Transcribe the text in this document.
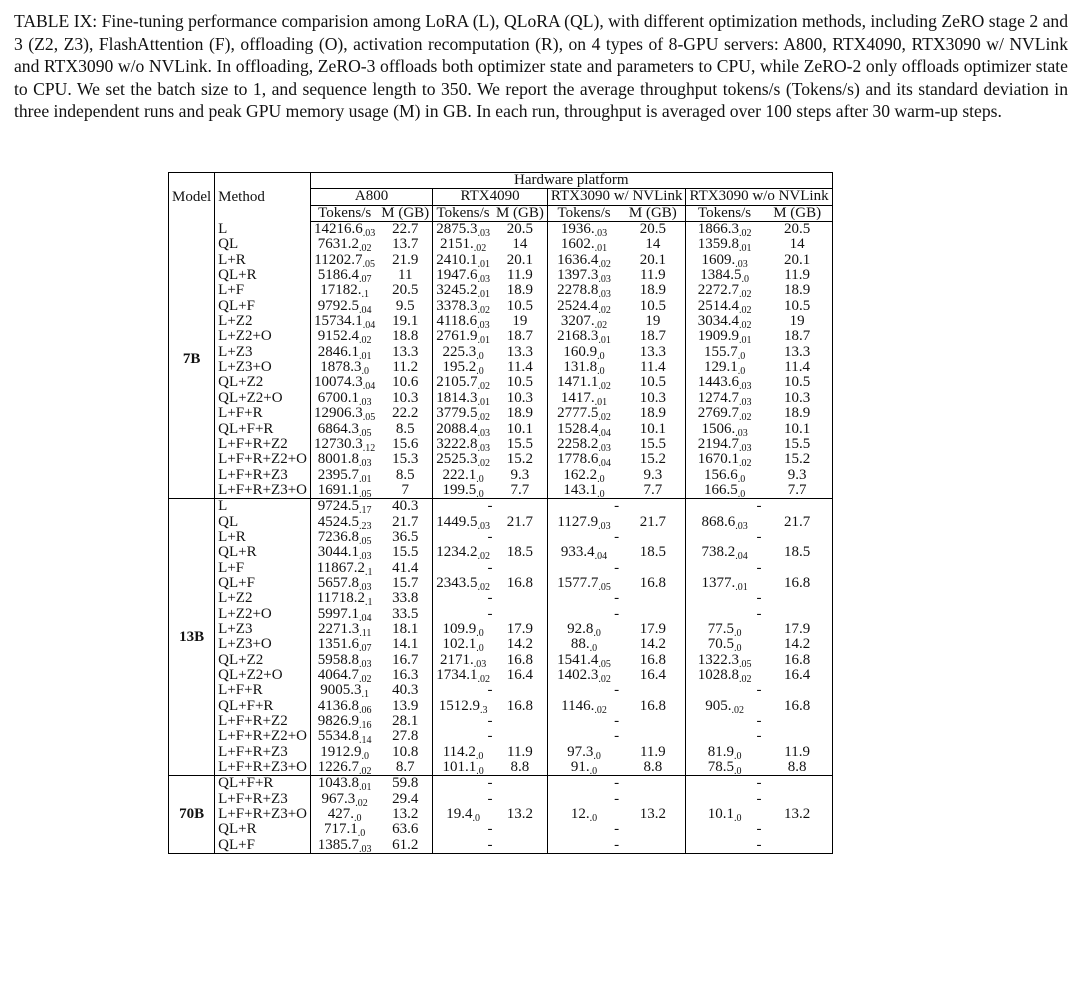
TABLE IX: Fine-tuning performance comparision among LoRA (L), QLoRA (QL), with different optimization methods, including ZeRO stage 2 and 3 (Z2, Z3), FlashAttention (F), offloading (O), activation recomputation (R), on 4 types of 8-GPU servers: A800, RTX4090, RTX3090 w/ NVLink and RTX3090 w/o NVLink. In offloading, ZeRO-3 offloads both optimizer state and parameters to CPU, while ZeRO-2 only offloads optimizer state to CPU. We set the batch size to 1, and sequence length to 350. We report the average throughput tokens/s (Tokens/s) and its standard deviation in three independent runs and peak GPU memory usage (M) in GB. In each run, throughput is averaged over 100 steps after 30 warm-up steps.
Model	Method	Hardware platform							
		A800		RTX4090		RTX3090 w/ NVLink		RTX3090 w/o NVLink	
		Tokens/s	M (GB)	Tokens/s	M (GB)	Tokens/s	M (GB)	Tokens/s	M (GB)
7B	L	$14216.6_{.03}$	22.7	$2875.3_{.03}$	20.5	$1936._{.03}$	20.5	$1866.3_{.02}$	20.5
	QL	$7631.2_{.02}$	13.7	$2151._{.02}$	14	$1602._{.01}$	14	$1359.8_{.01}$	14
	L+R	$11202.7_{.05}$	21.9	$2410.1_{.01}$	20.1	$1636.4_{.02}$	20.1	$1609._{.03}$	20.1
	QL+R	$5186.4_{.07}$	11	$1947.6_{.03}$	11.9	$1397.3_{.03}$	11.9	$1384.5_{.0}$	11.9
	L+F	$17182._{.1}$	20.5	$3245.2_{.01}$	18.9	$2278.8_{.03}$	18.9	$2272.7_{.02}$	18.9
	QL+F	$9792.5_{.04}$	9.5	$3378.3_{.02}$	10.5	$2524.4_{.02}$	10.5	$2514.4_{.02}$	10.5
	L+Z2	$15734.1_{.04}$	19.1	$4118.6_{.03}$	19	$3207._{.02}$	19	$3034.4_{.02}$	19
	L+Z2+O	$9152.4_{.02}$	18.8	$2761.9_{.01}$	18.7	$2168.3_{.01}$	18.7	$1909.9_{.01}$	18.7
	L+Z3	$2846.1_{.01}$	13.3	$225.3_{.0}$	13.3	$160.9_{.0}$	13.3	$155.7_{.0}$	13.3
	L+Z3+O	$1878.3_{.0}$	11.2	$195.2_{.0}$	11.4	$131.8_{.0}$	11.4	$129.1_{.0}$	11.4
	QL+Z2	$10074.3_{.04}$	10.6	$2105.7_{.02}$	10.5	$1471.1_{.02}$	10.5	$1443.6_{.03}$	10.5
	QL+Z2+O	$6700.1_{.03}$	10.3	$1814.3_{.01}$	10.3	$1417._{.01}$	10.3	$1274.7_{.03}$	10.3
	L+F+R	$12906.3_{.05}$	22.2	$3779.5_{.02}$	18.9	$2777.5_{.02}$	18.9	$2769.7_{.02}$	18.9
	QL+F+R	$6864.3_{.05}$	8.5	$2088.4_{.03}$	10.1	$1528.4_{.04}$	10.1	$1506._{.03}$	10.1
	L+F+R+Z2	$12730.3_{.12}$	15.6	$3222.8_{.03}$	15.5	$2258.2_{.03}$	15.5	$2194.7_{.03}$	15.5
	L+F+R+Z2+O	$8001.8_{.03}$	15.3	$2525.3_{.02}$	15.2	$1778.6_{.04}$	15.2	$1670.1_{.02}$	15.2
	L+F+R+Z3	$2395.7_{.01}$	8.5	$222.1_{.0}$	9.3	$162.2_{.0}$	9.3	$156.6_{.0}$	9.3
	L+F+R+Z3+O	$1691.1_{.05}$	7	$199.5_{.0}$	7.7	$143.1_{.0}$	7.7	$166.5_{.0}$	7.7
13B	L	$9724.5_{.17}$	40.3	-		-		-	
	QL	$4524.5_{.23}$	21.7	$1449.5_{.03}$	21.7	$1127.9_{.03}$	21.7	$868.6_{.03}$	21.7
	L+R	$7236.8_{.05}$	36.5	-		-		-	
	QL+R	$3044.1_{.03}$	15.5	$1234.2_{.02}$	18.5	$933.4_{.04}$	18.5	$738.2_{.04}$	18.5
	L+F	$11867.2_{.1}$	41.4	-		-		-	
	QL+F	$5657.8_{.03}$	15.7	$2343.5_{.02}$	16.8	$1577.7_{.05}$	16.8	$1377._{.01}$	16.8
	L+Z2	$11718.2_{.1}$	33.8	-		-		-	
	L+Z2+O	$5997.1_{.04}$	33.5	-		-		-	
	L+Z3	$2271.3_{.11}$	18.1	$109.9_{.0}$	17.9	$92.8_{.0}$	17.9	$77.5_{.0}$	17.9
	L+Z3+O	$1351.6_{.07}$	14.1	$102.1_{.0}$	14.2	$88._{.0}$	14.2	$70.5_{.0}$	14.2
	QL+Z2	$5958.8_{.03}$	16.7	$2171._{.03}$	16.8	$1541.4_{.05}$	16.8	$1322.3_{.05}$	16.8
	QL+Z2+O	$4064.7_{.02}$	16.3	$1734.1_{.02}$	16.4	$1402.3_{.02}$	16.4	$1028.8_{.02}$	16.4
	L+F+R	$9005.3_{.1}$	40.3	-		-		-	
	QL+F+R	$4136.8_{.06}$	13.9	$1512.9_{.3}$	16.8	$1146._{.02}$	16.8	$905._{.02}$	16.8
	L+F+R+Z2	$9826.9_{.16}$	28.1	-		-		-	
	L+F+R+Z2+O	$5534.8_{.14}$	27.8	-		-		-	
	L+F+R+Z3	$1912.9_{.0}$	10.8	$114.2_{.0}$	11.9	$97.3_{.0}$	11.9	$81.9_{.0}$	11.9
	L+F+R+Z3+O	$1226.7_{.02}$	8.7	$101.1_{.0}$	8.8	$91._{.0}$	8.8	$78.5_{.0}$	8.8
70B	QL+F+R	$1043.8_{.01}$	59.8	-		-		-	
	L+F+R+Z3	$967.3_{.02}$	29.4	-		-		-	
	L+F+R+Z3+O	$427._{.0}$	13.2	$19.4_{.0}$	13.2	$12._{.0}$	13.2	$10.1_{.0}$	13.2
	QL+R	$717.1_{.0}$	63.6	-		-		-	
	QL+F	$1385.7_{.03}$	61.2	-		-		-	
